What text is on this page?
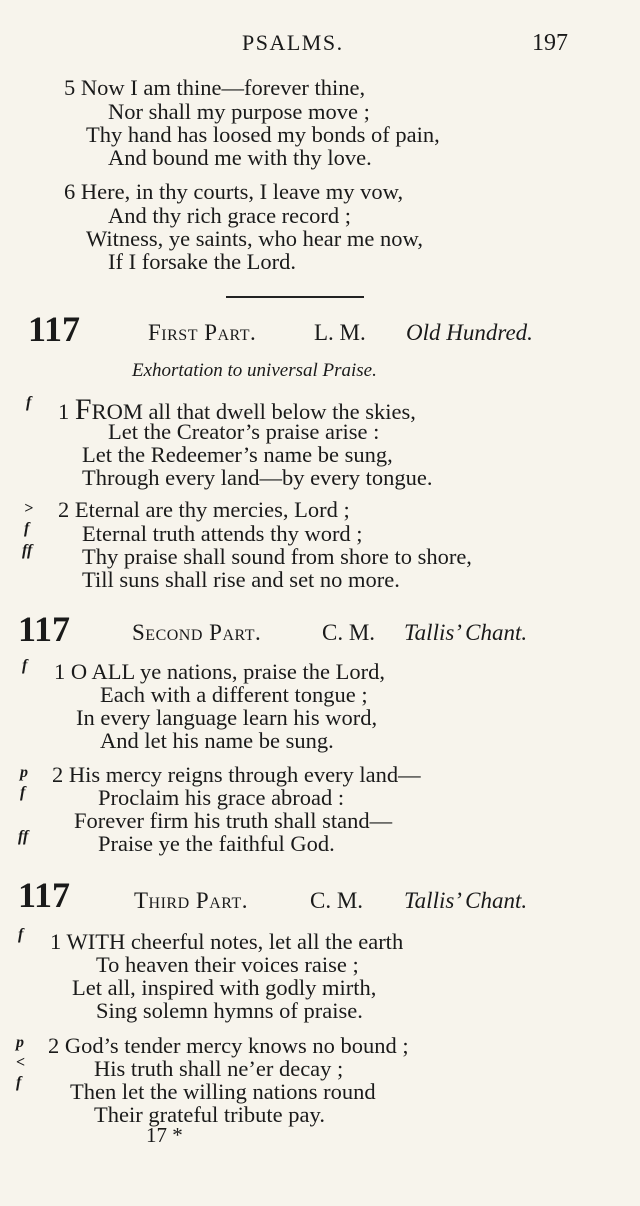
PSALMS.	197
5 Now I am thine—forever thine,
Nor shall my purpose move ;
Thy hand has loosed my bonds of pain,
And bound me with thy love.
6 Here, in thy courts, I leave my vow,
And thy rich grace record ;
Witness, ye saints, who hear me now,
If I forsake the Lord.
117	First Part.	L. M. Old Hundred.
Exhortation to universal Praise.
f 1 FROM all that dwell below the skies,
Let the Creator’s praise arise :
Let the Redeemer’s name be sung,
Through every land—by every tongue.
>
f
ff
2 Eternal are thy mercies, Lord ;
Eternal truth attends thy word ;
Thy praise shall sound from shore to shore,
Till suns shall rise and set no more.
117	Second Part.	C. M. Tallis’ Chant.
f 1 O ALL ye nations, praise the Lord,
Each with a different tongue ;
In every language learn his word,
And let his name be sung.
p
f
ff
2 His mercy reigns through every land—
Proclaim his grace abroad :
Forever firm his truth shall stand—
Praise ye the faithful God.
117	Third Part.	C. M. Tallis’ Chant.
f 1 WITH cheerful notes, let all the earth
To heaven their voices raise ;
Let all, inspired with godly mirth,
Sing solemn hymns of praise.
p
<
f
2 God’s tender mercy knows no bound ;
His truth shall ne’er decay ;
Then let the willing nations round
Their grateful tribute pay.
17 *
